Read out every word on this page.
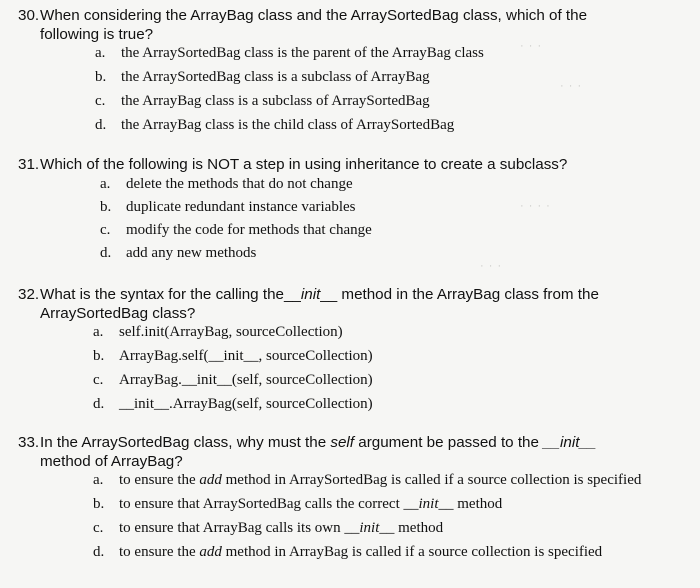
· · ·
· · ·
· · · ·
· · ·
30.When considering the ArrayBag class and the ArraySortedBag class, which of the
following is true?
a. the ArraySortedBag class is the parent of the ArrayBag class
b. the ArraySortedBag class is a subclass of ArrayBag
c. the ArrayBag class is a subclass of ArraySortedBag
d. the ArrayBag class is the child class of ArraySortedBag
31.Which of the following is NOT a step in using inheritance to create a subclass?
a. delete the methods that do not change
b. duplicate redundant instance variables
c. modify the code for methods that change
d. add any new methods
32.What is the syntax for the calling the__init__ method in the ArrayBag class from the
ArraySortedBag class?
a. self.init(ArrayBag, sourceCollection)
b. ArrayBag.self(__init__, sourceCollection)
c. ArrayBag.__init__(self, sourceCollection)
d. __init__.ArrayBag(self, sourceCollection)
33.In the ArraySortedBag class, why must the self argument be passed to the __init__
method of ArrayBag?
a. to ensure the add method in ArraySortedBag is called if a source collection is specified
b. to ensure that ArraySortedBag calls the correct __init__ method
c. to ensure that ArrayBag calls its own __init__ method
d. to ensure the add method in ArrayBag is called if a source collection is specified
